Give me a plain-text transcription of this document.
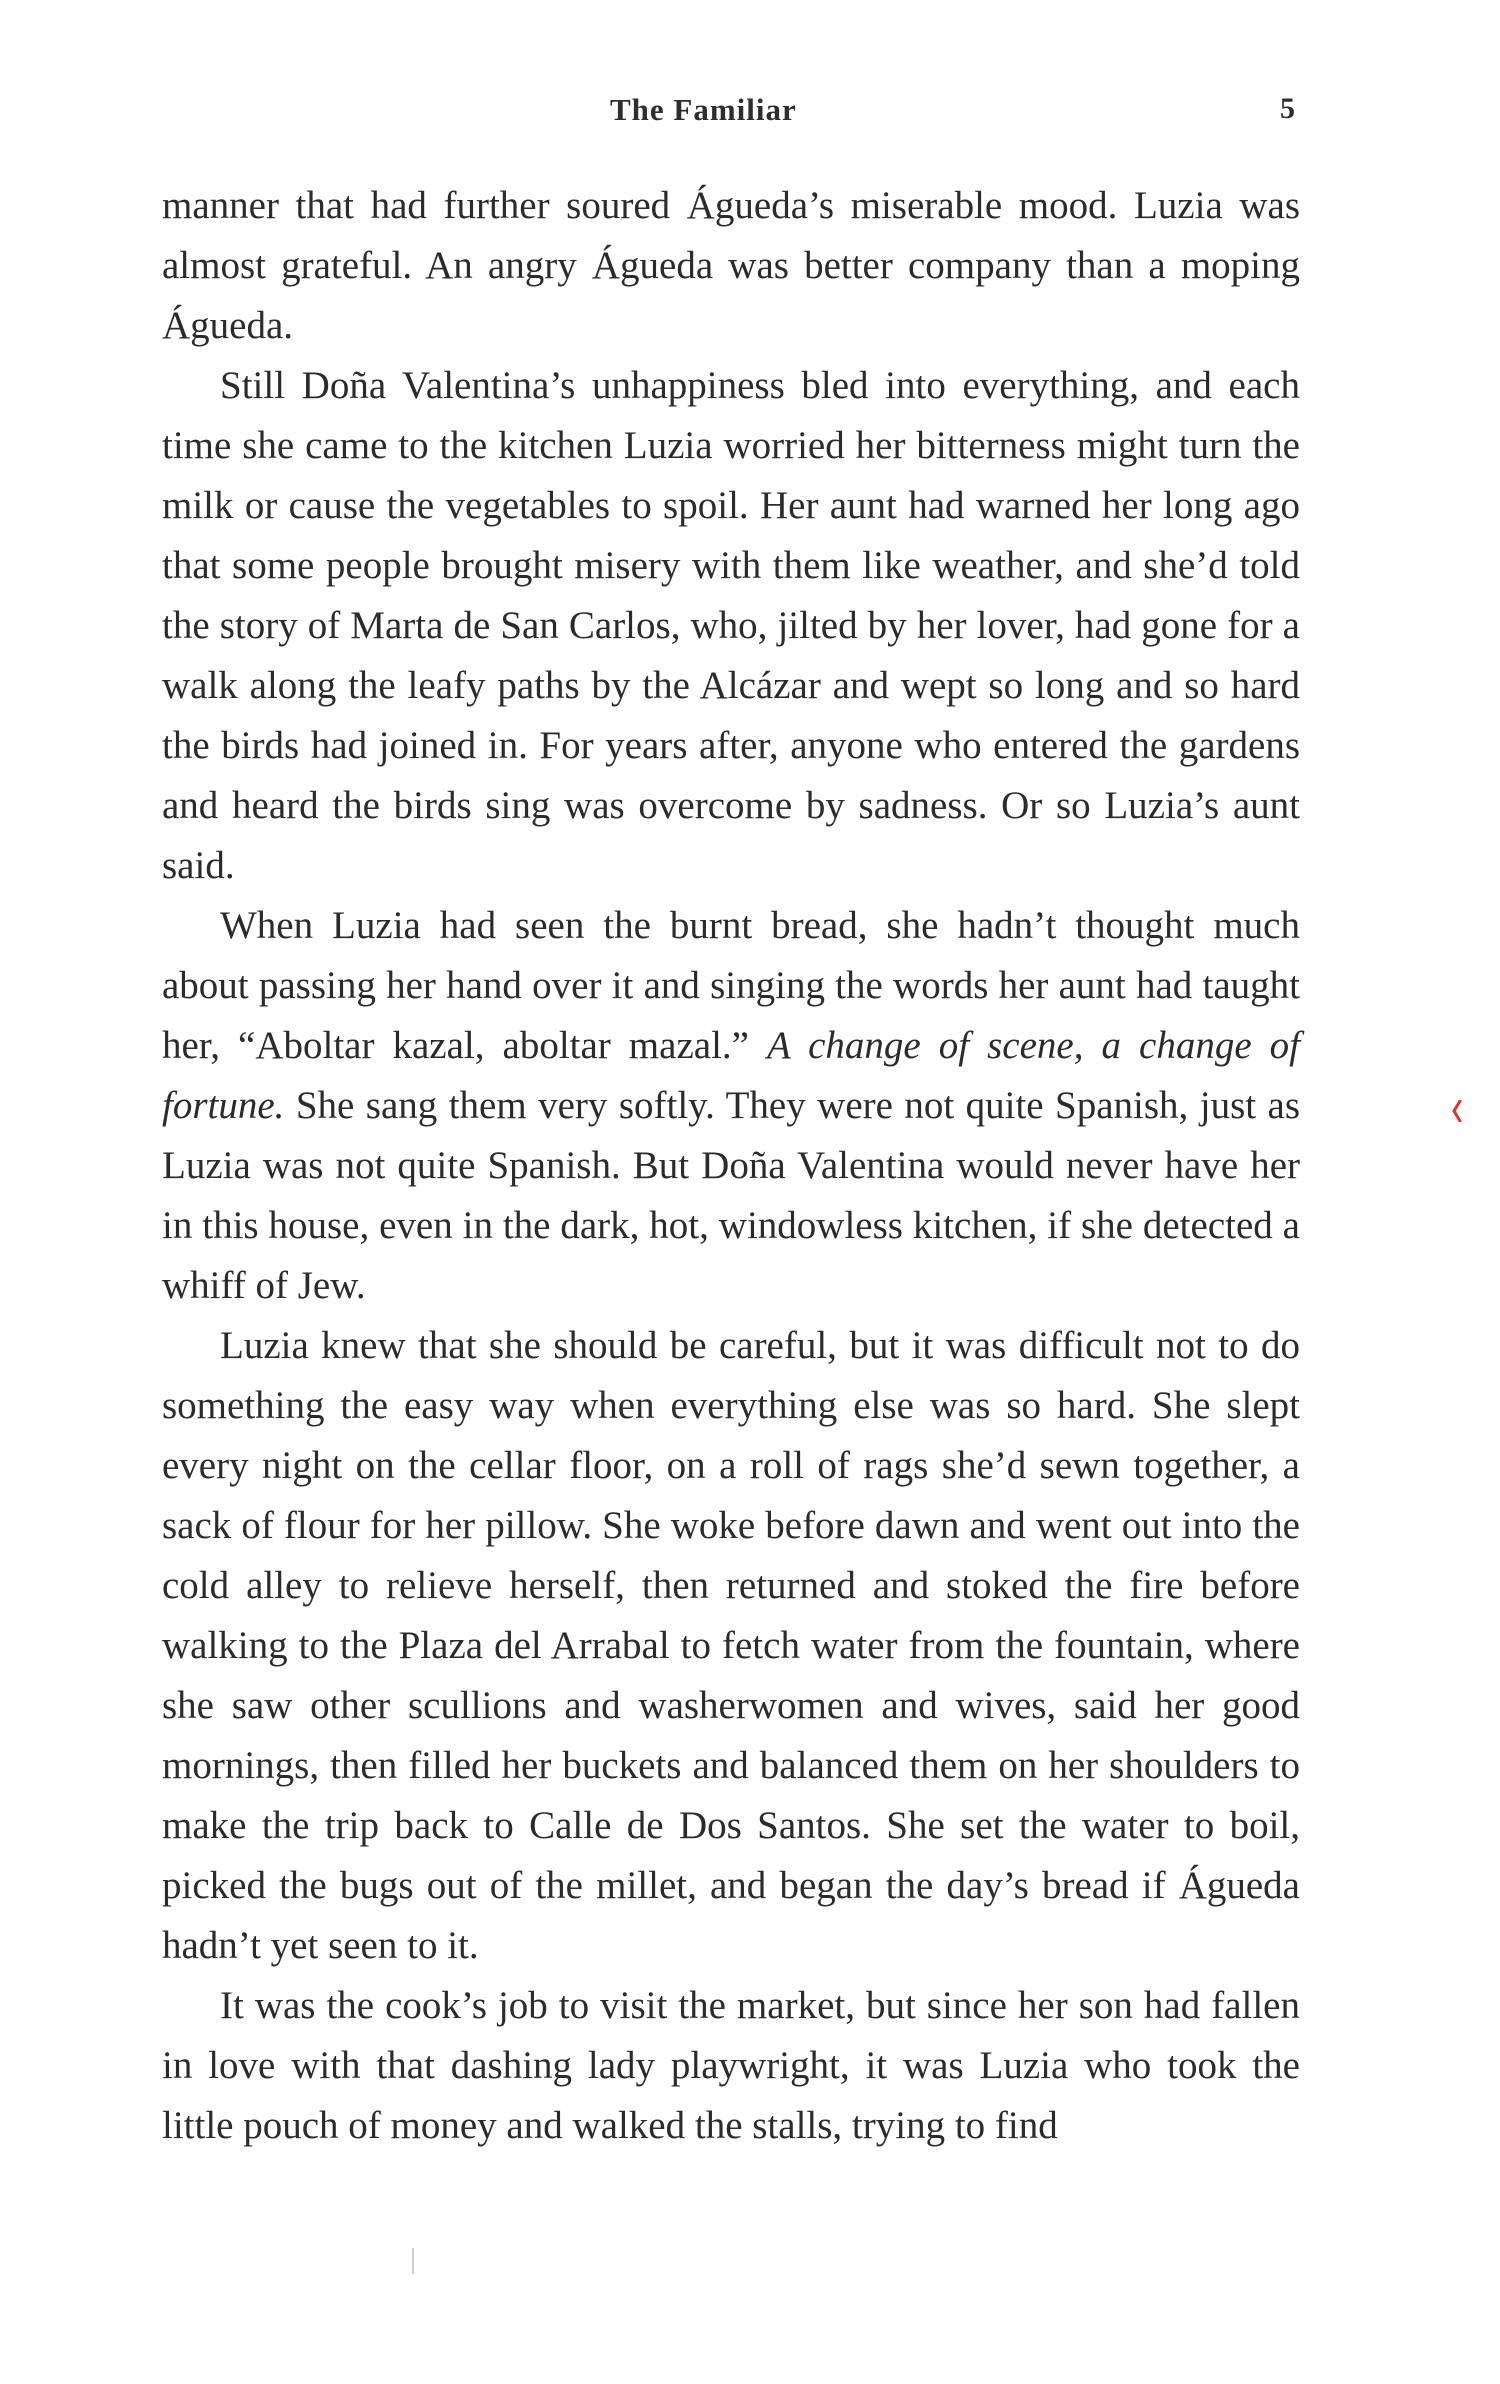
The Familiar	5

manner that had further soured Águeda’s miserable mood. Luzia was almost grateful. An angry Águeda was better company than a moping Águeda.

Still Doña Valentina’s unhappiness bled into everything, and each time she came to the kitchen Luzia worried her bitterness might turn the milk or cause the vegetables to spoil. Her aunt had warned her long ago that some people brought misery with them like weather, and she’d told the story of Marta de San Carlos, who, jilted by her lover, had gone for a walk along the leafy paths by the Alcázar and wept so long and so hard the birds had joined in. For years after, anyone who entered the gardens and heard the birds sing was overcome by sadness. Or so Luzia’s aunt said.

When Luzia had seen the burnt bread, she hadn’t thought much about passing her hand over it and singing the words her aunt had taught her, “Aboltar kazal, aboltar mazal.” A change of scene, a change of fortune. She sang them very softly. They were not quite Spanish, just as Luzia was not quite Spanish. But Doña Valentina would never have her in this house, even in the dark, hot, windowless kitchen, if she detected a whiff of Jew.

Luzia knew that she should be careful, but it was difficult not to do something the easy way when everything else was so hard. She slept every night on the cellar floor, on a roll of rags she’d sewn together, a sack of flour for her pillow. She woke before dawn and went out into the cold alley to relieve herself, then returned and stoked the fire before walking to the Plaza del Arrabal to fetch water from the fountain, where she saw other scullions and washerwomen and wives, said her good mornings, then filled her buckets and balanced them on her shoulders to make the trip back to Calle de Dos Santos. She set the water to boil, picked the bugs out of the millet, and began the day’s bread if Águeda hadn’t yet seen to it.

It was the cook’s job to visit the market, but since her son had fallen in love with that dashing lady playwright, it was Luzia who took the little pouch of money and walked the stalls, trying to find
